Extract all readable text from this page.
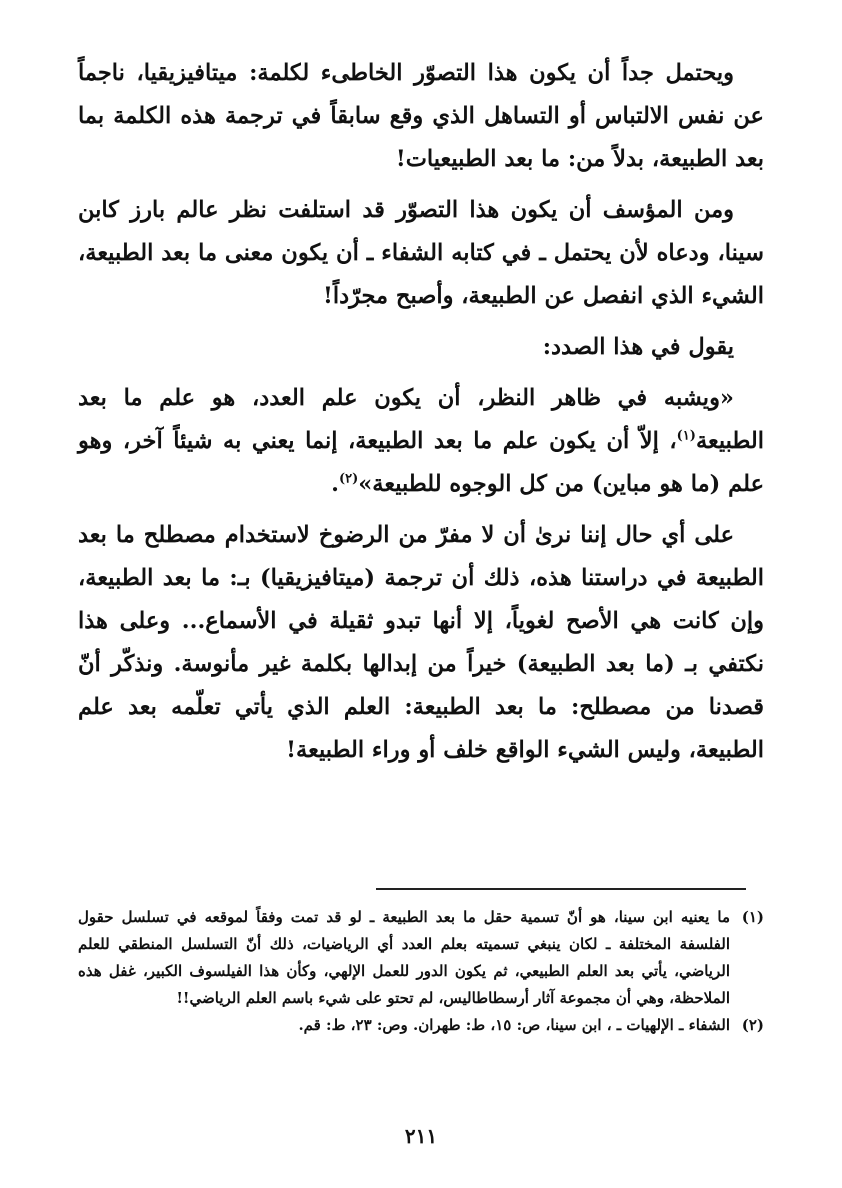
ويحتمل جداً أن يكون هذا التصوّر الخاطىء لكلمة: ميتافيزيقيا، ناجماً عن نفس الالتباس أو التساهل الذي وقع سابقاً في ترجمة هذه الكلمة بما بعد الطبيعة، بدلاً من: ما بعد الطبيعيات!

ومن المؤسف أن يكون هذا التصوّر قد استلفت نظر عالم بارز كابن سينا، ودعاه لأن يحتمل ـ في كتابه الشفاء ـ أن يكون معنى ما بعد الطبيعة، الشيء الذي انفصل عن الطبيعة، وأصبح مجرّداً!

يقول في هذا الصدد:

«ويشبه في ظاهر النظر، أن يكون علم العدد، هو علم ما بعد الطبيعة$^{(١)}$، إلاّ أن يكون علم ما بعد الطبيعة، إنما يعني به شيئاً آخر، وهو علم (ما هو مباين) من كل الوجوه للطبيعة»$^{(٢)}$.

على أي حال إننا نرىٰ أن لا مفرّ من الرضوخ لاستخدام مصطلح ما بعد الطبيعة في دراستنا هذه، ذلك أن ترجمة (ميتافيزيقيا) بـ: ما بعد الطبيعة، وإن كانت هي الأصح لغوياً، إلا أنها تبدو ثقيلة في الأسماع... وعلى هذا نكتفي بـ (ما بعد الطبيعة) خيراً من إبدالها بكلمة غير مأنوسة. ونذكّر أنّ قصدنا من مصطلح: ما بعد الطبيعة: العلم الذي يأتي تعلّمه بعد علم الطبيعة، وليس الشيء الواقع خلف أو وراء الطبيعة!

(١)
ما يعنيه ابن سينا، هو أنّ تسمية حقل ما بعد الطبيعة ـ لو قد تمت وفقاً لموقعه في تسلسل حقول الفلسفة المختلفة ـ لكان ينبغي تسميته بعلم العدد أي الرياضيات، ذلك أنّ التسلسل المنطقي للعلم الرياضي، يأتي بعد العلم الطبيعي، ثم يكون الدور للعمل الإلهي، وكأن هذا الفيلسوف الكبير، غفل هذه الملاحظة، وهي أن مجموعة آثار أرسطاطاليس، لم تحتو على شيء باسم العلم الرياضي!!
(٢)
الشفاء ـ الإلهيات ـ ، ابن سينا، ص: ١٥، ط: طهران. وص: ٢٣، ط: قم.
٢١١
